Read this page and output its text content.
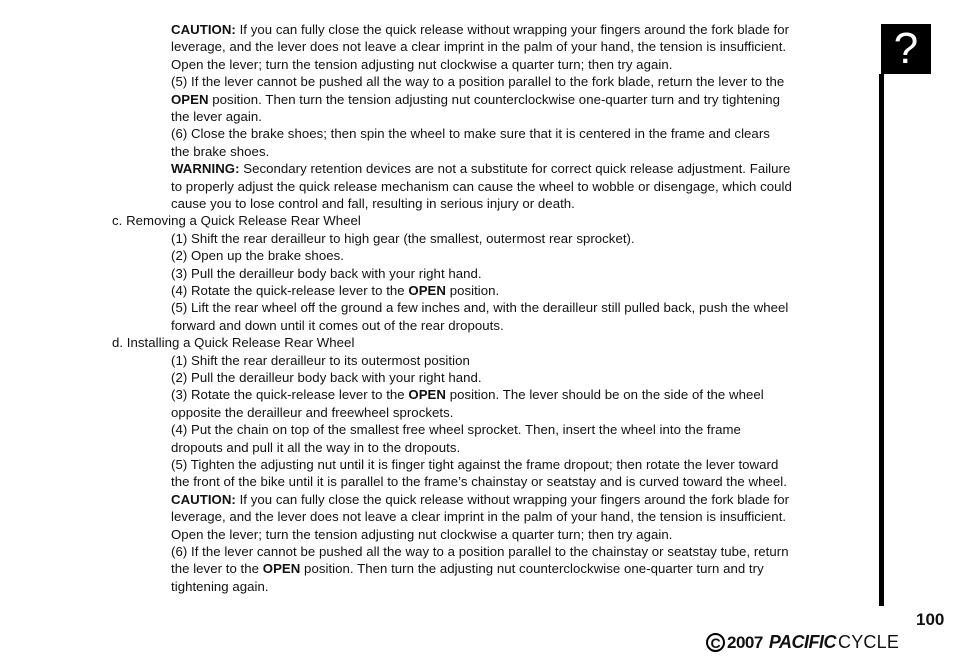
CAUTION: If you can fully close the quick release without wrapping your fingers around the fork blade for
leverage, and the lever does not leave a clear imprint in the palm of your hand, the tension is insufficient.
Open the lever; turn the tension adjusting nut clockwise a quarter turn; then try again.
(5) If the lever cannot be pushed all the way to a position parallel to the fork blade, return the lever to the
OPEN position. Then turn the tension adjusting nut counterclockwise one-quarter turn and try tightening
the lever again.
(6) Close the brake shoes; then spin the wheel to make sure that it is centered in the frame and clears
the brake shoes.
WARNING: Secondary retention devices are not a substitute for correct quick release adjustment. Failure
to properly adjust the quick release mechanism can cause the wheel to wobble or disengage, which could
cause you to lose control and fall, resulting in serious injury or death.
c. Removing a Quick Release Rear Wheel
(1) Shift the rear derailleur to high gear (the smallest, outermost rear sprocket).
(2) Open up the brake shoes.
(3) Pull the derailleur body back with your right hand.
(4) Rotate the quick-release lever to the OPEN position.
(5) Lift the rear wheel off the ground a few inches and, with the derailleur still pulled back, push the wheel
forward and down until it comes out of the rear dropouts.
d. Installing a Quick Release Rear Wheel
(1) Shift the rear derailleur to its outermost position
(2) Pull the derailleur body back with your right hand.
(3) Rotate the quick-release lever to the OPEN position. The lever should be on the side of the wheel
opposite the derailleur and freewheel sprockets.
(4) Put the chain on top of the smallest free wheel sprocket. Then, insert the wheel into the frame
dropouts and pull it all the way in to the dropouts.
(5) Tighten the adjusting nut until it is finger tight against the frame dropout; then rotate the lever toward
the front of the bike until it is parallel to the frame’s chainstay or seatstay and is curved toward the wheel.
CAUTION: If you can fully close the quick release without wrapping your fingers around the fork blade for
leverage, and the lever does not leave a clear imprint in the palm of your hand, the tension is insufficient.
Open the lever; turn the tension adjusting nut clockwise a quarter turn; then try again.
(6) If the lever cannot be pushed all the way to a position parallel to the chainstay or seatstay tube, return
the lever to the OPEN position. Then turn the adjusting nut counterclockwise one-quarter turn and try
tightening again.
?
100
C 2007 PACIFIC CYCLE
